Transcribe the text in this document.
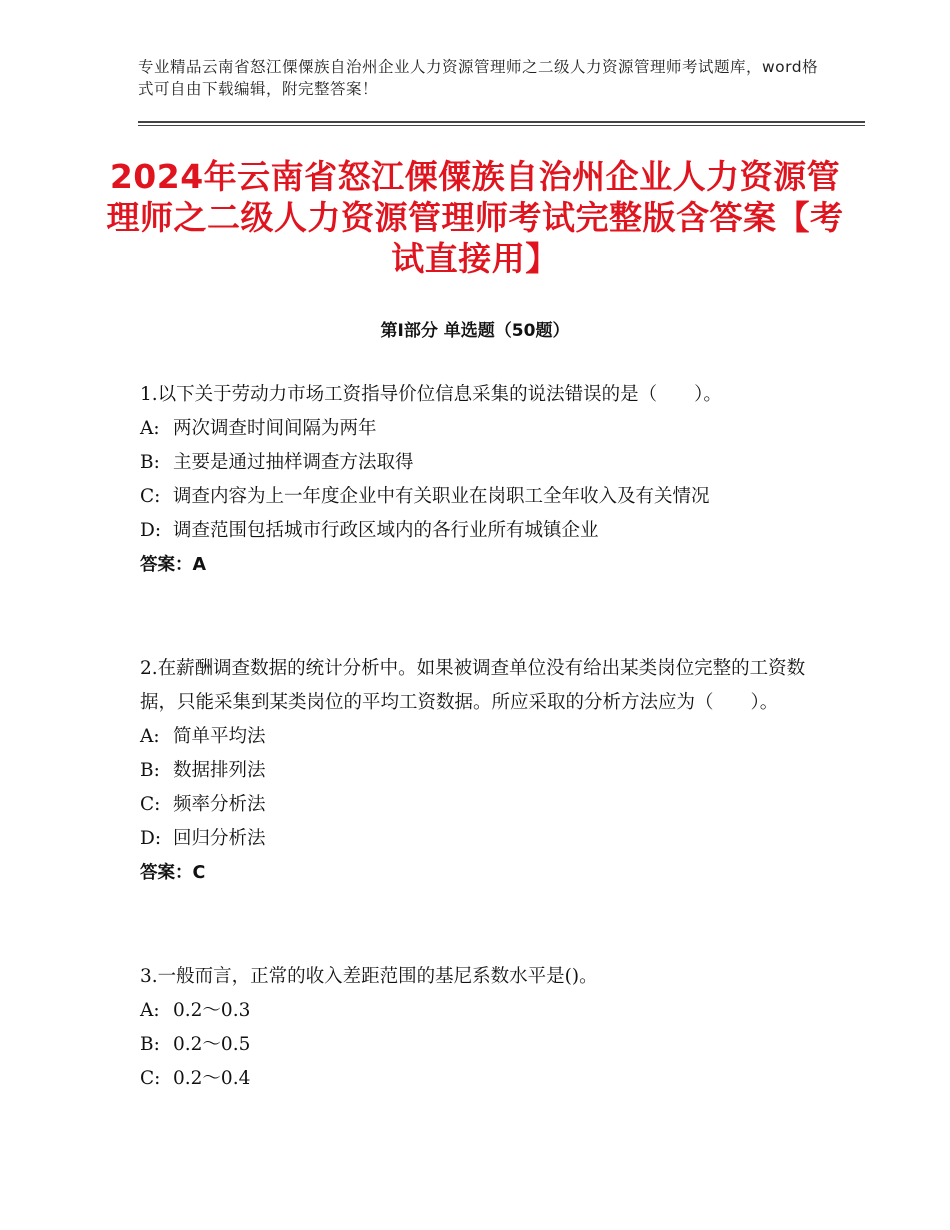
专业精品云南省怒江傈僳族自治州企业人力资源管理师之二级人力资源管理师考试题库，word格式可自由下载编辑，附完整答案！
2024年云南省怒江傈僳族自治州企业人力资源管理师之二级人力资源管理师考试完整版含答案【考试直接用】
第Ⅰ部分 单选题（50题）

1.以下关于劳动力市场工资指导价位信息采集的说法错误的是（　　）。

A: 两次调查时间间隔为两年

B: 主要是通过抽样调查方法取得

C: 调查内容为上一年度企业中有关职业在岗职工全年收入及有关情况

D: 调查范围包括城市行政区域内的各行业所有城镇企业

答案：A

2.在薪酬调查数据的统计分析中。如果被调查单位没有给出某类岗位完整的工资数据，只能采集到某类岗位的平均工资数据。所应采取的分析方法应为（　　）。

A: 简单平均法

B: 数据排列法

C: 频率分析法

D: 回归分析法

答案：C

3.一般而言，正常的收入差距范围的基尼系数水平是()。

A: 0.2～0.3

B: 0.2～0.5

C: 0.2～0.4
